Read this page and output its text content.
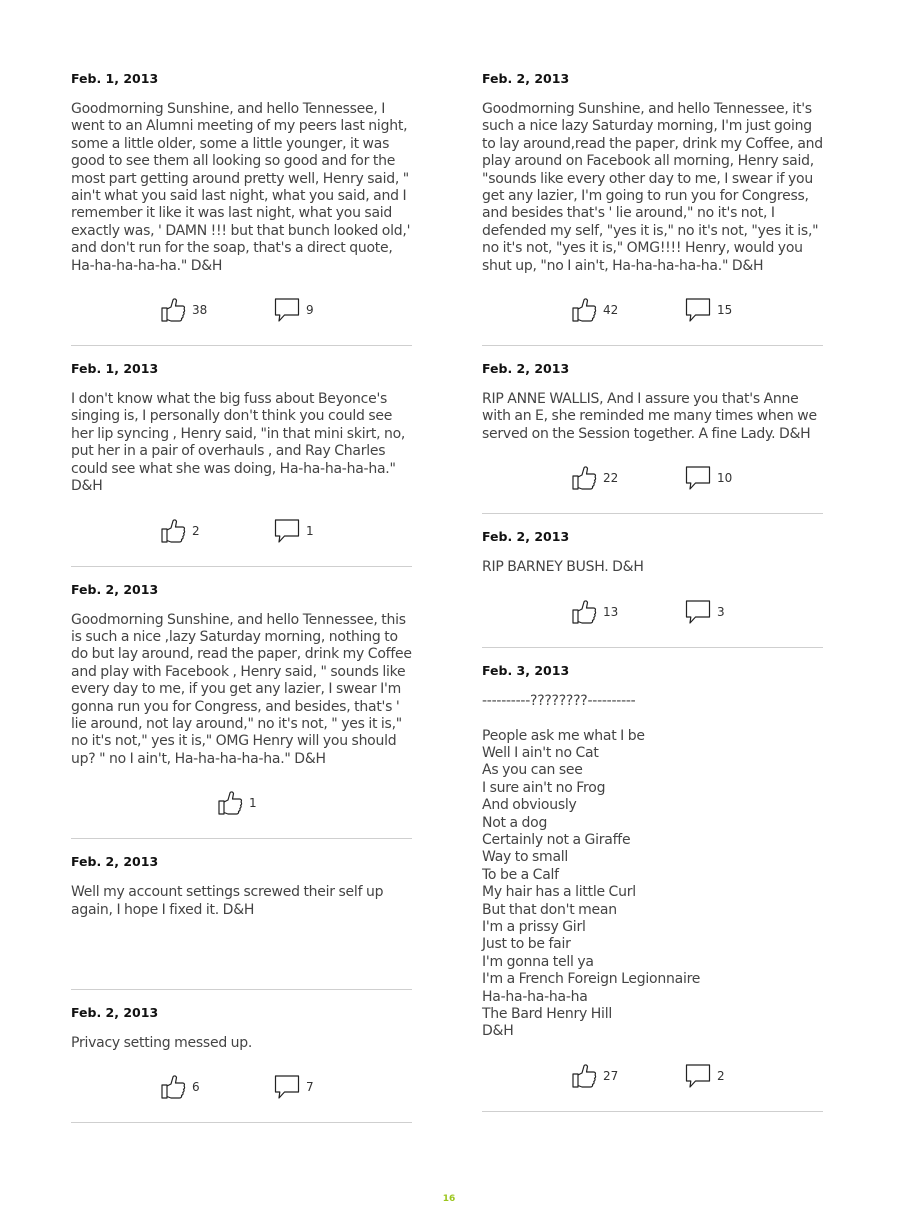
Feb. 1, 2013
Goodmorning Sunshine, and hello Tennessee, I
went to an Alumni meeting of my peers last night,
some a little older, some a little younger, it was
good to see them all looking so good and for the
most part getting around pretty well, Henry said, "
ain't what you said last night, what you said, and I
remember it like it was last night, what you said
exactly was, ' DAMN !!! but that bunch looked old,'
and don't run for the soap, that's a direct quote,
Ha-ha-ha-ha-ha." D&H
38	9
Feb. 1, 2013
I don't know what the big fuss about Beyonce's
singing is, I personally don't think you could see
her lip syncing , Henry said, "in that mini skirt, no,
put her in a pair of overhauls , and Ray Charles
could see what she was doing, Ha-ha-ha-ha-ha."
D&H
2	1
Feb. 2, 2013
Goodmorning Sunshine, and hello Tennessee, this
is such a nice ,lazy Saturday morning, nothing to
do but lay around, read the paper, drink my Coffee
and play with Facebook , Henry said, " sounds like
every day to me, if you get any lazier, I swear I'm
gonna run you for Congress, and besides, that's '
lie around, not lay around," no it's not, " yes it is,"
no it's not," yes it is," OMG Henry will you should
up? " no I ain't, Ha-ha-ha-ha-ha." D&H
1
Feb. 2, 2013
Well my account settings screwed their self up
again, I hope I fixed it. D&H
Feb. 2, 2013
Privacy setting messed up.
6	7
Feb. 2, 2013
Goodmorning Sunshine, and hello Tennessee, it's
such a nice lazy Saturday morning, I'm just going
to lay around,read the paper, drink my Coffee, and
play around on Facebook all morning, Henry said,
"sounds like every other day to me, I swear if you
get any lazier, I'm going to run you for Congress,
and besides that's ' lie around," no it's not, I
defended my self, "yes it is," no it's not, "yes it is,"
no it's not, "yes it is," OMG!!!! Henry, would you
shut up, "no I ain't, Ha-ha-ha-ha-ha." D&H
42	15
Feb. 2, 2013
RIP ANNE WALLIS, And I assure you that's Anne
with an E, she reminded me many times when we
served on the Session together. A fine Lady. D&H
22	10
Feb. 2, 2013
RIP BARNEY BUSH. D&H
13	3
Feb. 3, 2013
----------????????----------

People ask me what I be
Well I ain't no Cat
As you can see
I sure ain't no Frog
And obviously
Not a dog
Certainly not a Giraffe
Way to small
To be a Calf
My hair has a little Curl
But that don't mean
I'm a prissy Girl
Just to be fair
I'm gonna tell ya
I'm a French Foreign Legionnaire
Ha-ha-ha-ha-ha
The Bard Henry Hill
D&H
27	2
16
